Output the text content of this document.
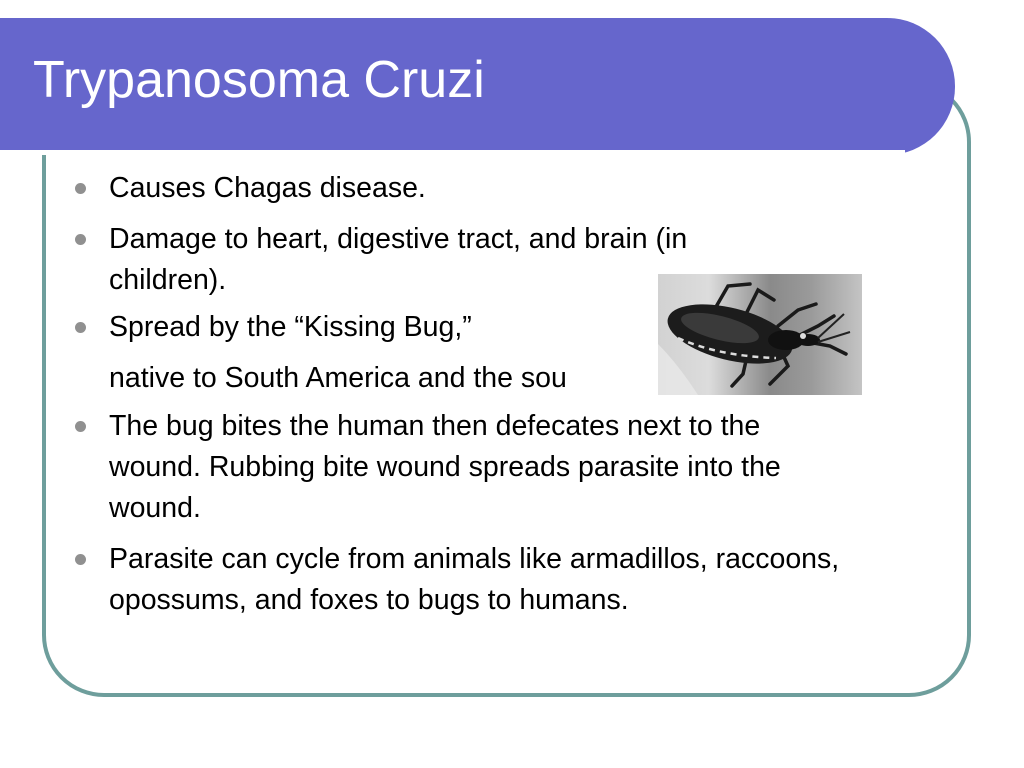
Trypanosoma Cruzi
Causes Chagas disease.
Damage to heart, digestive tract, and brain (in children).
Spread by the “Kissing Bug,”
native to South America and the sou
The bug bites the human then defecates next to the wound. Rubbing bite wound spreads parasite into the wound.
Parasite can cycle from animals like armadillos, raccoons, opossums, and foxes to bugs to humans.
